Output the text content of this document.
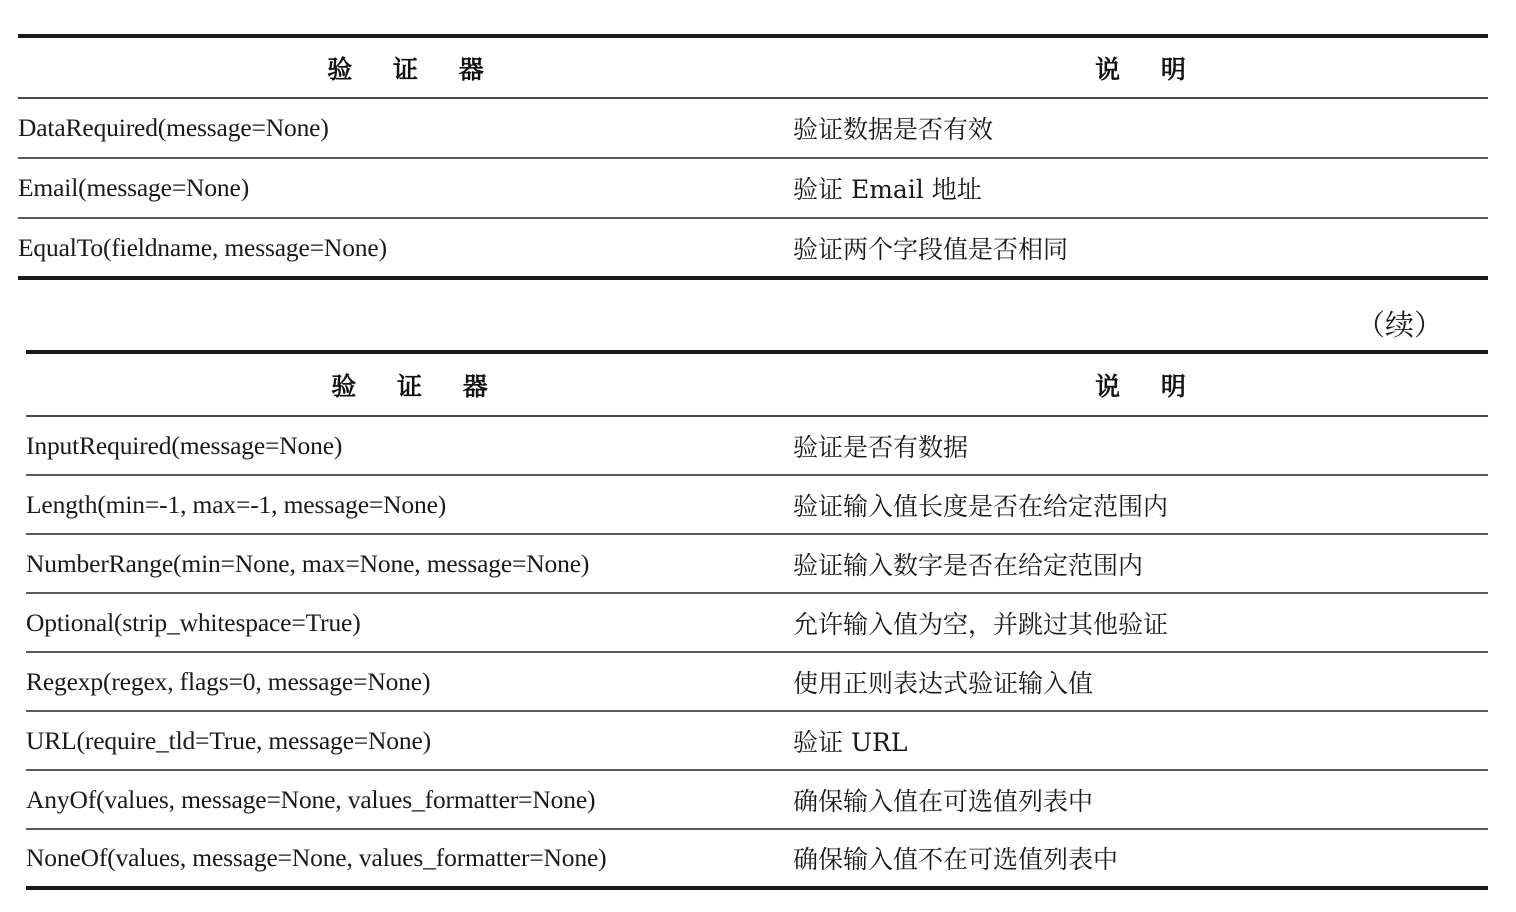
验 证 器	说 明
DataRequired(message=None)	验证数据是否有效
Email(message=None)	验证 Email 地址
EqualTo(fieldname, message=None)	验证两个字段值是否相同
（续）
验 证 器	说 明
InputRequired(message=None)	验证是否有数据
Length(min=-1, max=-1, message=None)	验证输入值长度是否在给定范围内
NumberRange(min=None, max=None, message=None)	验证输入数字是否在给定范围内
Optional(strip_whitespace=True)	允许输入值为空，并跳过其他验证
Regexp(regex, flags=0, message=None)	使用正则表达式验证输入值
URL(require_tld=True, message=None)	验证 URL
AnyOf(values, message=None, values_formatter=None)	确保输入值在可选值列表中
NoneOf(values, message=None, values_formatter=None)	确保输入值不在可选值列表中
